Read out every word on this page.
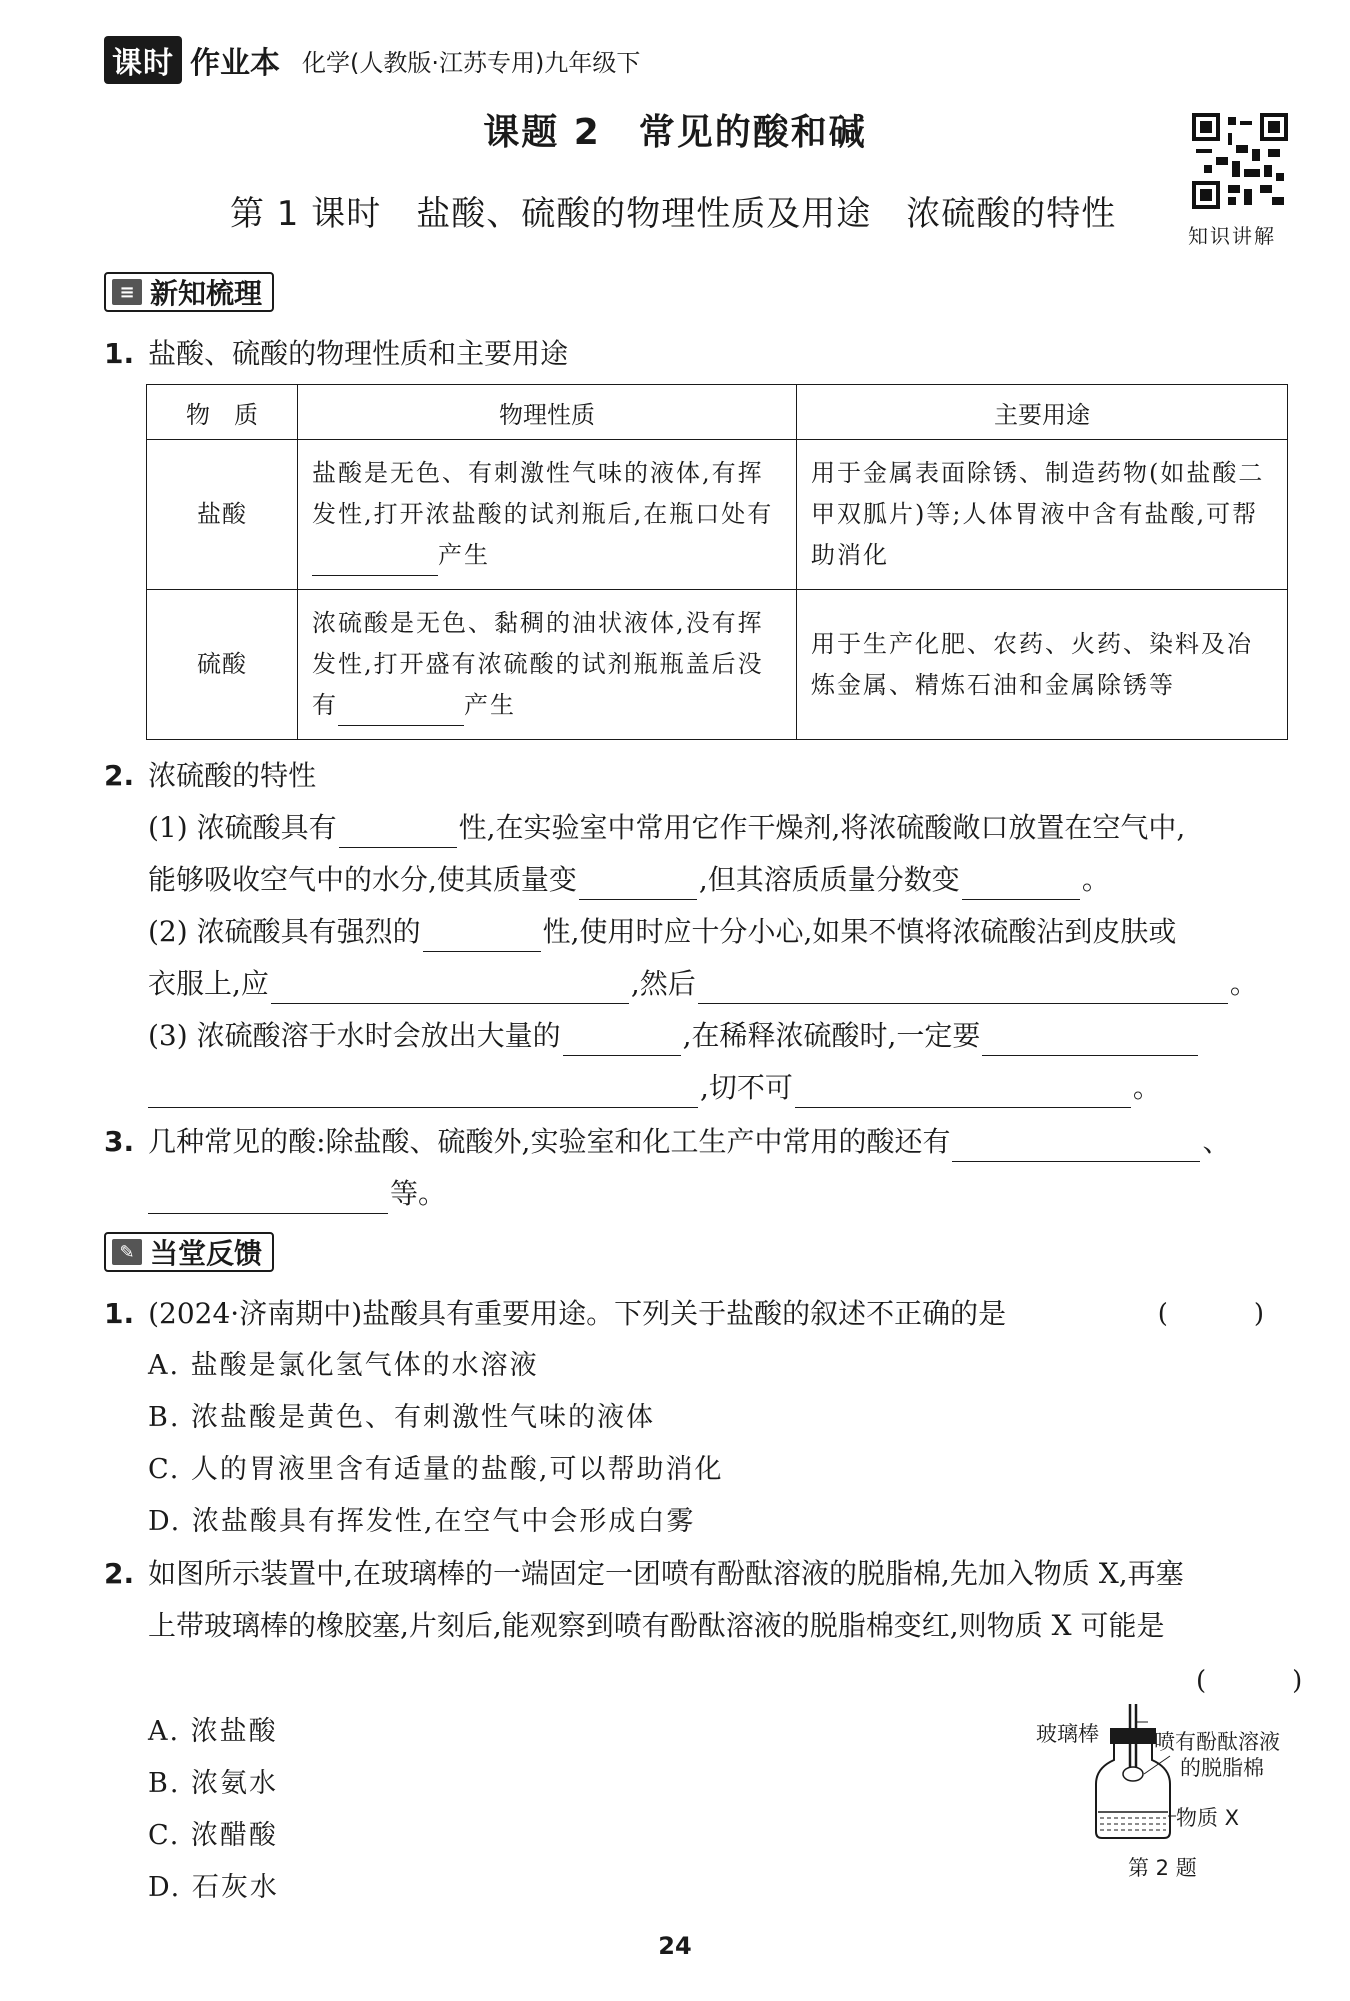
课时 作业本 化学(人教版·江苏专用)九年级下
课题 2　常见的酸和碱
第 1 课时　盐酸、硫酸的物理性质及用途　浓硫酸的特性
知识讲解
≡ 新知梳理
1. 盐酸、硫酸的物理性质和主要用途
物　质	物理性质	主要用途
盐酸	盐酸是无色、有刺激性气味的液体,有挥发性,打开浓盐酸的试剂瓶后,在瓶口处有产生	用于金属表面除锈、制造药物(如盐酸二甲双胍片)等;人体胃液中含有盐酸,可帮助消化
硫酸	浓硫酸是无色、黏稠的油状液体,没有挥发性,打开盛有浓硫酸的试剂瓶瓶盖后没有 产生	用于生产化肥、农药、火药、染料及冶炼金属、精炼石油和金属除锈等
2. 浓硫酸的特性
(1) 浓硫酸具有	性,在实验室中常用它作干燥剂,将浓硫酸敞口放置在空气中,
能够吸收空气中的水分,使其质量变	,但其溶质质量分数变	。
(2) 浓硫酸具有强烈的	性,使用时应十分小心,如果不慎将浓硫酸沾到皮肤或
衣服上,应	,然后	。
(3) 浓硫酸溶于水时会放出大量的	,在稀释浓硫酸时,一定要
,切不可	。
3. 几种常见的酸:除盐酸、硫酸外,实验室和化工生产中常用的酸还有	、
等。
✎ 当堂反馈
1. (2024·济南期中)盐酸具有重要用途。下列关于盐酸的叙述不正确的是	(　)
A. 盐酸是氯化氢气体的水溶液
B. 浓盐酸是黄色、有刺激性气味的液体
C. 人的胃液里含有适量的盐酸,可以帮助消化
D. 浓盐酸具有挥发性,在空气中会形成白雾
2. 如图所示装置中,在玻璃棒的一端固定一团喷有酚酞溶液的脱脂棉,先加入物质 X,再塞
上带玻璃棒的橡胶塞,片刻后,能观察到喷有酚酞溶液的脱脂棉变红,则物质 X 可能是
(　)
A. 浓盐酸
B. 浓氨水
C. 浓醋酸
D. 石灰水
玻璃棒	喷有酚酞溶液
的脱脂棉
物质 X
第 2 题
24
